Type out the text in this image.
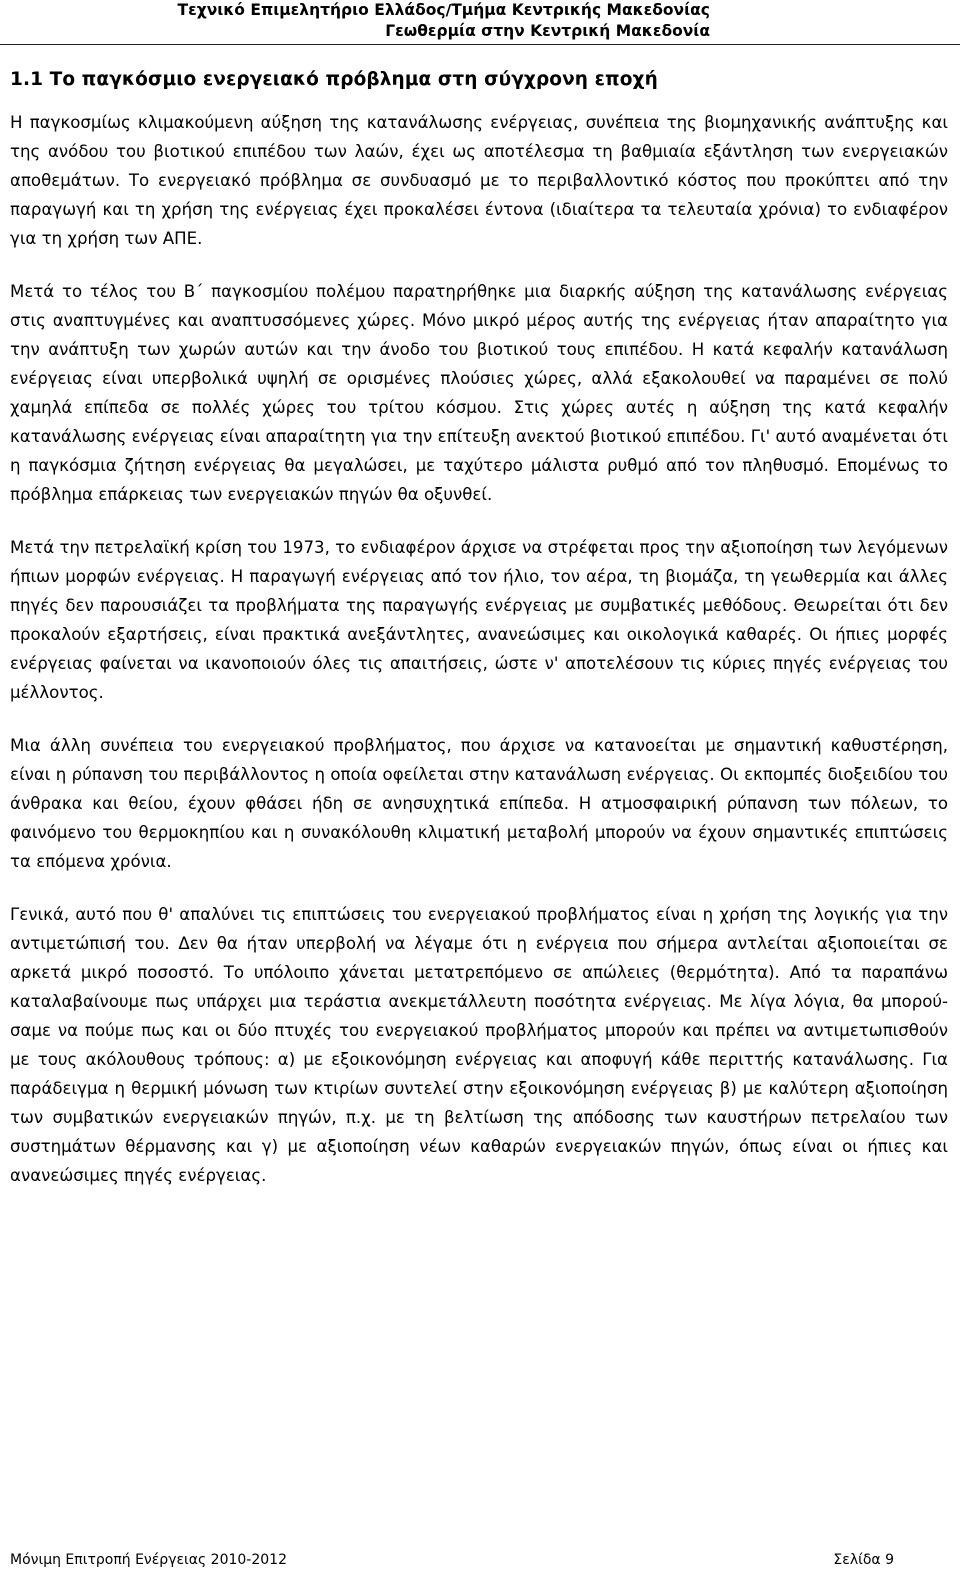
Τεχνικό Επιμελητήριο Ελλάδος/Τμήμα Κεντρικής Μακεδονίας
Γεωθερμία στην Κεντρική Μακεδονία
1.1 Το παγκόσμιο ενεργειακό πρόβλημα στη σύγχρονη εποχή

Η παγκοσμίως κλιμακούμενη αύξηση της κατανάλωσης ενέργειας, συνέπεια της βιομηχανικής ανάπτυξης και της ανόδου του βιοτικού επιπέδου των λαών, έχει ως αποτέλεσμα τη βαθμιαία εξάντληση των ενεργειακών αποθεμάτων. Το ενεργειακό πρόβλημα σε συνδυασμό με το περιβαλλοντικό κόστος που προκύπτει από την παραγωγή και τη χρήση της ενέργειας έχει προκαλέσει έντονα (ιδιαίτερα τα τελευταία χρόνια) το ενδιαφέρον για τη χρήση των ΑΠΕ.

Μετά το τέλος του Β΄ παγκοσμίου πολέμου παρατηρήθηκε μια διαρκής αύξηση της κατανάλωσης ενέργειας στις αναπτυγμένες και αναπτυσσόμενες χώρες. Μόνο μικρό μέρος αυτής της ενέργειας ήταν απαραίτητο για την ανάπτυξη των χωρών αυτών και την άνοδο του βιοτικού τους επιπέδου. Η κατά κεφαλήν κατανάλωση ενέργειας είναι υπερβολικά υψηλή σε ορισμένες πλούσιες χώρες, αλλά εξακολουθεί να παραμένει σε πολύ χαμηλά επίπεδα σε πολλές χώρες του τρίτου κόσμου. Στις χώρες αυτές η αύξηση της κατά κεφαλήν κατανάλωσης ενέργειας είναι απαραίτητη για την επίτευξη ανεκτού βιοτικού επιπέδου. Γι' αυτό αναμένεται ότι η παγκόσμια ζήτηση ενέργειας θα μεγαλώσει, με ταχύτερο μάλιστα ρυθμό από τον πληθυσμό. Επομένως το πρόβλημα επάρκειας των ενεργειακών πηγών θα οξυνθεί.

Μετά την πετρελαϊκή κρίση του 1973, το ενδιαφέρον άρχισε να στρέφεται προς την αξιοποίηση των λεγόμενων ήπιων μορφών ενέργειας. Η παραγωγή ενέργειας από τον ήλιο, τον αέρα, τη βιομάζα, τη γεωθερμία και άλλες πηγές δεν παρουσιάζει τα προβλήματα της παραγωγής ενέργειας με συμβατικές μεθόδους. Θεωρείται ότι δεν προκαλούν εξαρτήσεις, είναι πρακτικά ανεξάντλητες, ανανεώσιμες και οικολογικά καθαρές. Οι ήπιες μορφές ενέργειας φαίνεται να ικανοποιούν όλες τις απαιτήσεις, ώστε ν' αποτελέσουν τις κύριες πηγές ενέργειας του μέλλοντος.

Μια άλλη συνέπεια του ενεργειακού προβλήματος, που άρχισε να κατανοείται με σημαντική καθυστέρηση, είναι η ρύπανση του περιβάλλοντος η οποία οφείλεται στην κατανάλωση ενέργειας. Οι εκπομπές διοξειδίου του άνθρακα και θείου, έχουν φθάσει ήδη σε ανησυχητικά επίπεδα. Η ατμοσφαιρική ρύπανση των πόλεων, το φαινόμενο του θερμοκηπίου και η συνακόλουθη κλιματική μεταβολή μπορούν να έχουν σημαντικές επιπτώσεις τα επόμενα χρόνια.

Γενικά, αυτό που θ' απαλύνει τις επιπτώσεις του ενεργειακού προβλήματος είναι η χρήση της λογικής για την αντιμετώπισή του. Δεν θα ήταν υπερβολή να λέγαμε ότι η ενέργεια που σήμερα αντλείται αξιοποιείται σε αρκετά μικρό ποσοστό. Το υπόλοιπο χάνεται μετατρεπόμενο σε απώλειες (θερμότητα). Από τα παραπάνω καταλαβαίνουμε πως υπάρχει μια τεράστια ανεκμετάλλευτη ποσότητα ενέργειας. Με λίγα λόγια, θα μπορούσαμε να πούμε πως και οι δύο πτυχές του ενεργειακού προβλήματος μπορούν και πρέπει να αντιμετωπισθούν με τους ακόλουθους τρόπους: α) με εξοικονόμηση ενέργειας και αποφυγή κάθε περιττής κατανάλωσης. Για παράδειγμα η θερμική μόνωση των κτιρίων συντελεί στην εξοικονόμηση ενέργειας β) με καλύτερη αξιοποίηση των συμβατικών ενεργειακών πηγών, π.χ. με τη βελτίωση της απόδοσης των καυστήρων πετρελαίου των συστημάτων θέρμανσης και γ) με αξιοποίηση νέων καθαρών ενεργειακών πηγών, όπως είναι οι ήπιες και ανανεώσιμες πηγές ενέργειας.

Μόνιμη Επιτροπή Ενέργειας 2010-2012	Σελίδα 9
